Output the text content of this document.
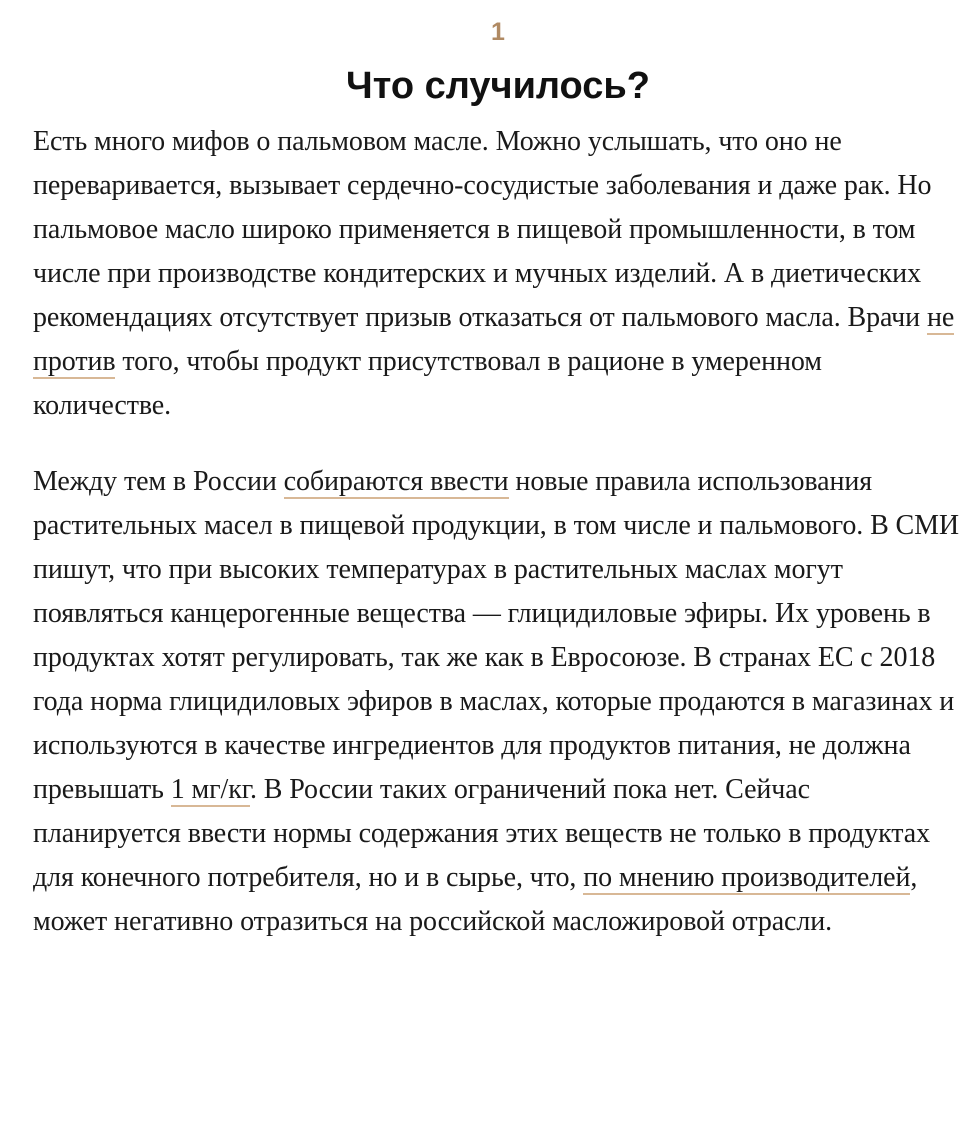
1
Что случилось?

Есть много мифов о пальмовом масле. Можно услышать, что оно не переваривается, вызывает сердечно-сосудистые заболевания и даже рак. Но пальмовое масло широко применяется в пищевой промышленности, в том числе при производстве кондитерских и мучных изделий. А в диетических рекомендациях отсутствует призыв отказаться от пальмового масла. Врачи не против того, чтобы продукт присутствовал в рационе в умеренном количестве.

Между тем в России собираются ввести новые правила использования растительных масел в пищевой продукции, в том числе и пальмового. В СМИ пишут, что при высоких температурах в растительных маслах могут появляться канцерогенные вещества — глицидиловые эфиры. Их уровень в продуктах хотят регулировать, так же как в Евросоюзе. В странах ЕС с 2018 года норма глицидиловых эфиров в маслах, которые продаются в магазинах и используются в качестве ингредиентов для продуктов питания, не должна превышать 1 мг/кг. В России таких ограничений пока нет. Сейчас планируется ввести нормы содержания этих веществ не только в продуктах для конечного потребителя, но и в сырье, что, по мнению производителей, может негативно отразиться на российской масложировой отрасли.
